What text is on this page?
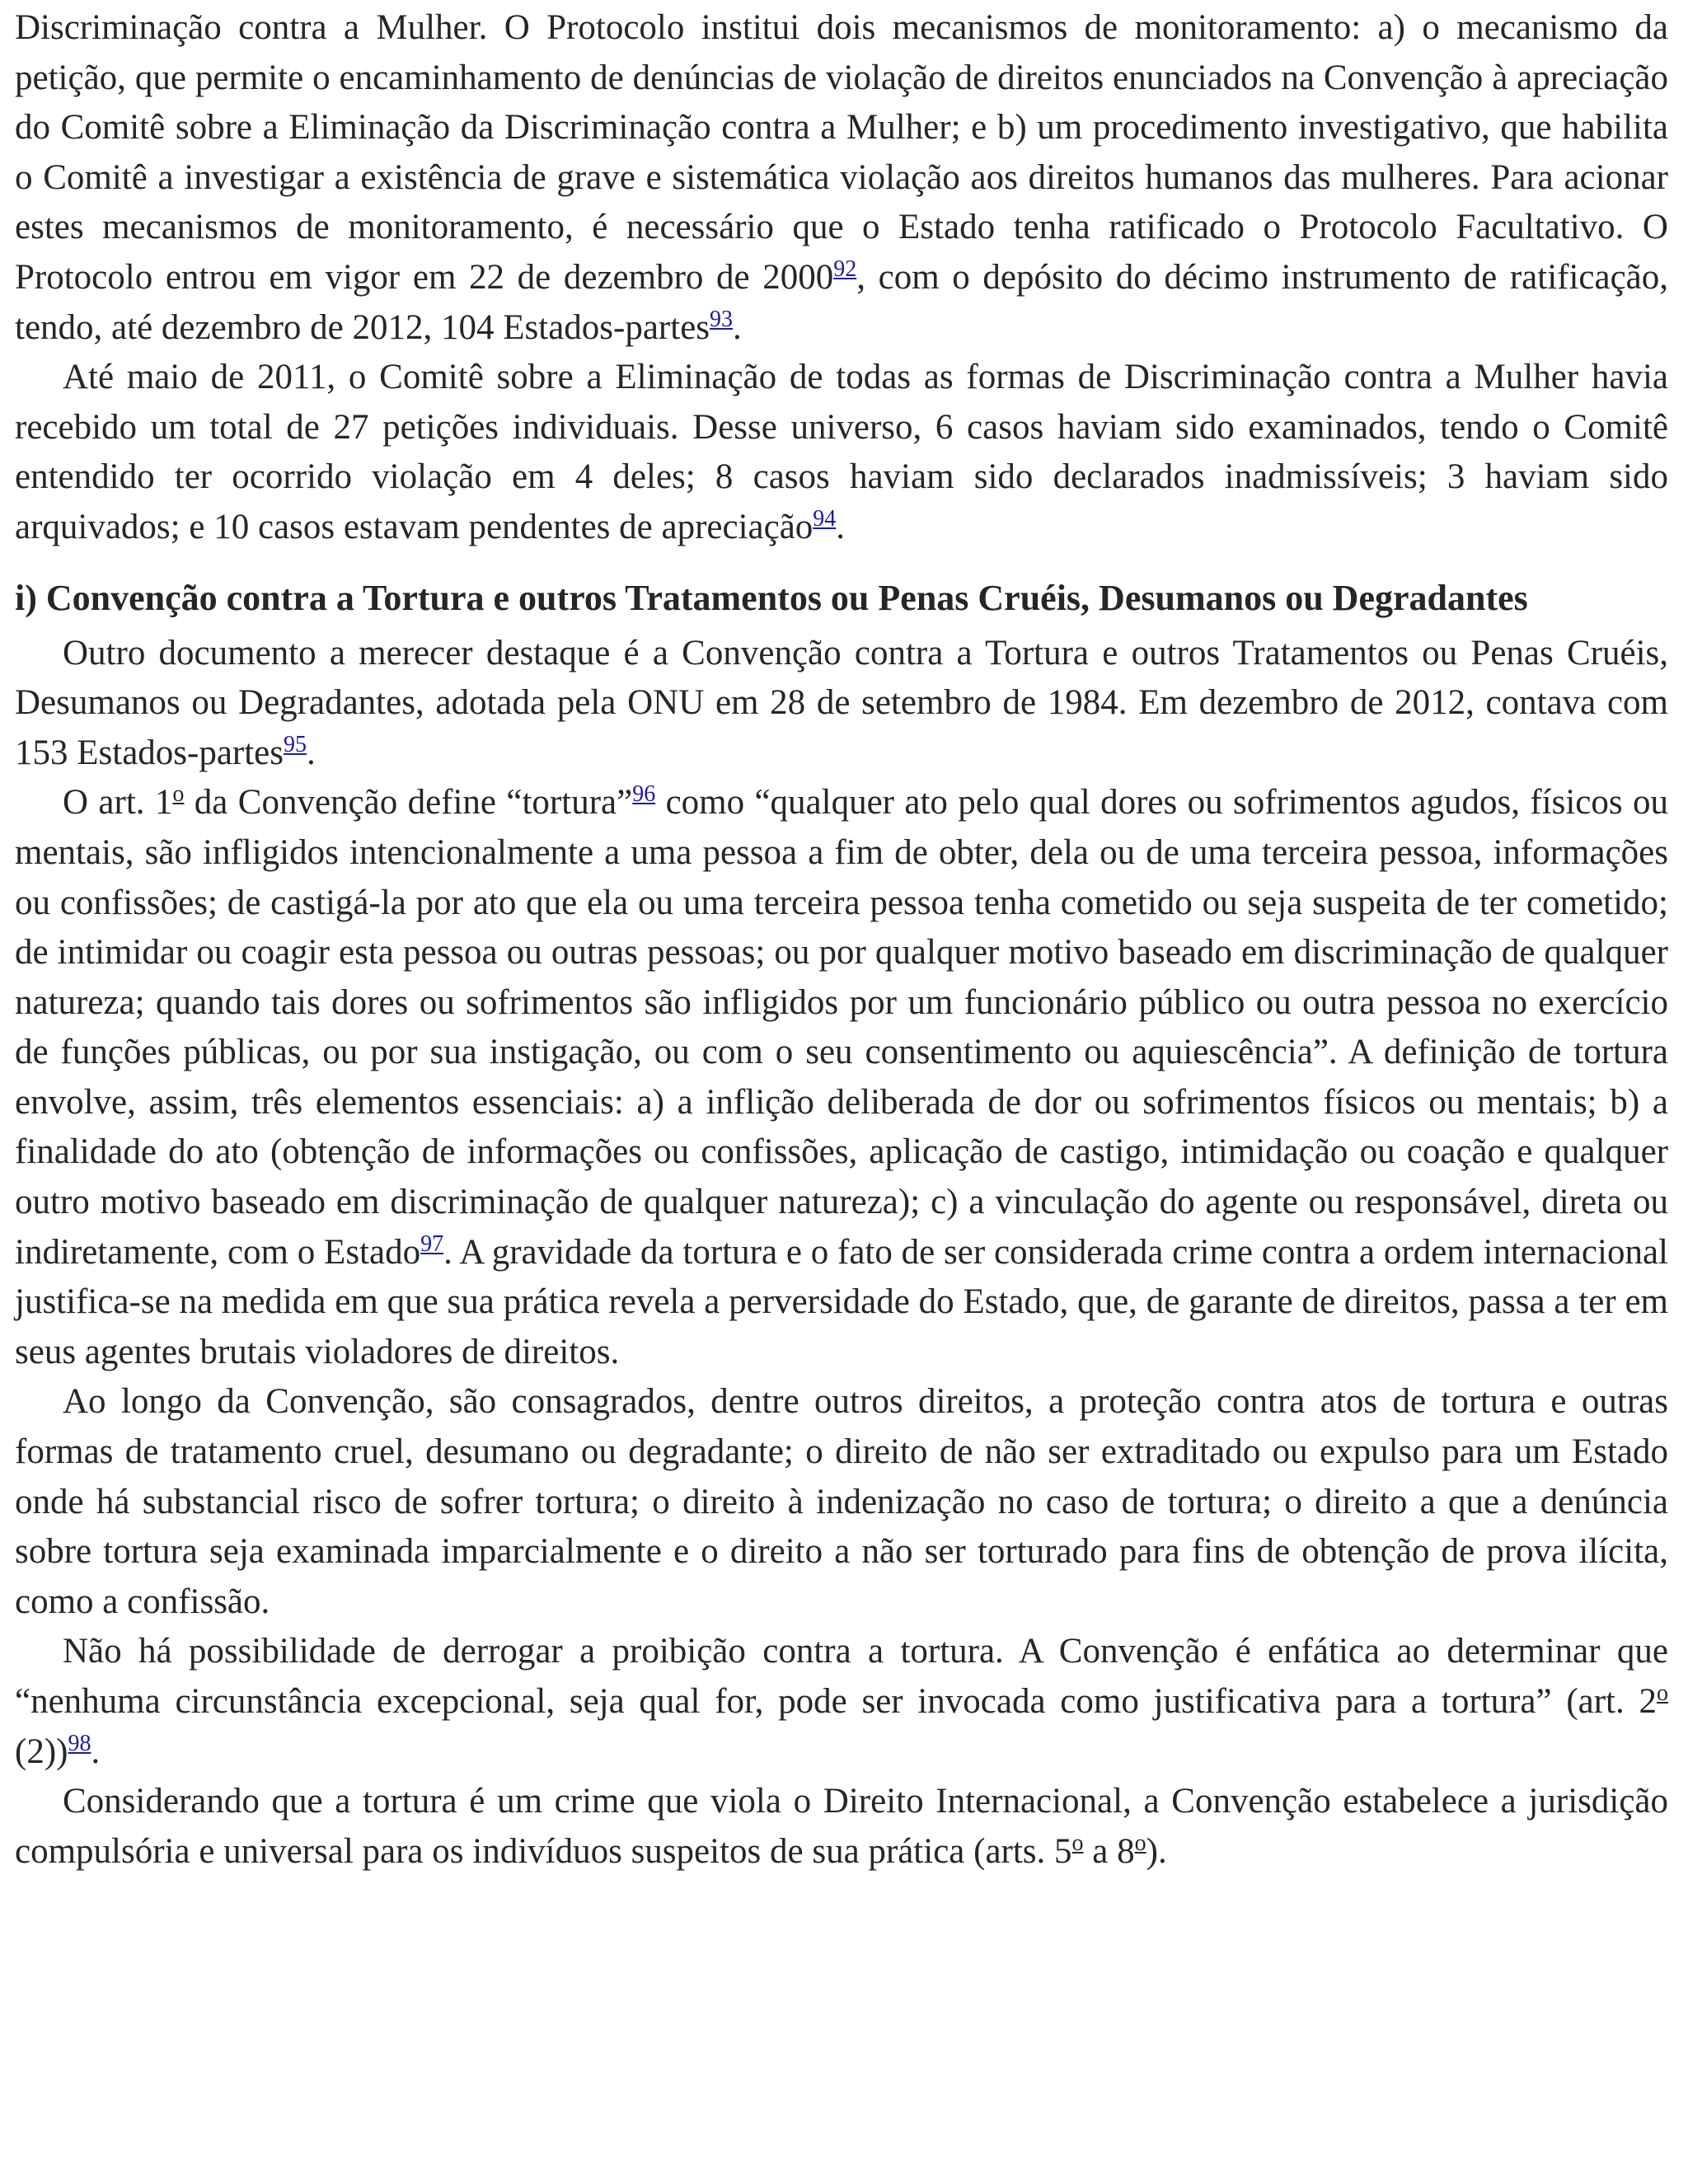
Discriminação contra a Mulher. O Protocolo institui dois mecanismos de monitoramento: a) o mecanismo da petição, que permite o encaminhamento de denúncias de violação de direitos enunciados na Convenção à apreciação do Comitê sobre a Eliminação da Discriminação contra a Mulher; e b) um procedimento investigativo, que habilita o Comitê a investigar a existência de grave e sistemática violação aos direitos humanos das mulheres. Para acionar estes mecanismos de monitoramento, é necessário que o Estado tenha ratificado o Protocolo Facultativo. O Protocolo entrou em vigor em 22 de dezembro de 2000$^{92}$, com o depósito do décimo instrumento de ratificação, tendo, até dezembro de 2012, 104 Estados-partes$^{93}$.

Até maio de 2011, o Comitê sobre a Eliminação de todas as formas de Discriminação contra a Mulher havia recebido um total de 27 petições individuais. Desse universo, 6 casos haviam sido examinados, tendo o Comitê entendido ter ocorrido violação em 4 deles; 8 casos haviam sido declarados inadmissíveis; 3 haviam sido arquivados; e 10 casos estavam pendentes de apreciação$^{94}$.

i) Convenção contra a Tortura e outros Tratamentos ou Penas Cruéis, Desumanos ou Degradantes

Outro documento a merecer destaque é a Convenção contra a Tortura e outros Tratamentos ou Penas Cruéis, Desumanos ou Degradantes, adotada pela ONU em 28 de setembro de 1984. Em dezembro de 2012, contava com 153 Estados-partes$^{95}$.

O art. 1$^o$ da Convenção define “tortura”$^{96}$ como “qualquer ato pelo qual dores ou sofrimentos agudos, físicos ou mentais, são infligidos intencionalmente a uma pessoa a fim de obter, dela ou de uma terceira pessoa, informações ou confissões; de castigá-la por ato que ela ou uma terceira pessoa tenha cometido ou seja suspeita de ter cometido; de intimidar ou coagir esta pessoa ou outras pessoas; ou por qualquer motivo baseado em discriminação de qualquer natureza; quando tais dores ou sofrimentos são infligidos por um funcionário público ou outra pessoa no exercício de funções públicas, ou por sua instigação, ou com o seu consentimento ou aquiescência”. A definição de tortura envolve, assim, três elementos essenciais: a) a inflição deliberada de dor ou sofrimentos físicos ou mentais; b) a finalidade do ato (obtenção de informações ou confissões, aplicação de castigo, intimidação ou coação e qualquer outro motivo baseado em discriminação de qualquer natureza); c) a vinculação do agente ou responsável, direta ou indiretamente, com o Estado$^{97}$. A gravidade da tortura e o fato de ser considerada crime contra a ordem internacional justifica-se na medida em que sua prática revela a perversidade do Estado, que, de garante de direitos, passa a ter em seus agentes brutais violadores de direitos.

Ao longo da Convenção, são consagrados, dentre outros direitos, a proteção contra atos de tortura e outras formas de tratamento cruel, desumano ou degradante; o direito de não ser extraditado ou expulso para um Estado onde há substancial risco de sofrer tortura; o direito à indenização no caso de tortura; o direito a que a denúncia sobre tortura seja examinada imparcialmente e o direito a não ser torturado para fins de obtenção de prova ilícita, como a confissão.

Não há possibilidade de derrogar a proibição contra a tortura. A Convenção é enfática ao determinar que “nenhuma circunstância excepcional, seja qual for, pode ser invocada como justificativa para a tortura” (art. 2$^o$ (2))$^{98}$.

Considerando que a tortura é um crime que viola o Direito Internacional, a Convenção estabelece a jurisdição compulsória e universal para os indivíduos suspeitos de sua prática (arts. 5$^o$ a 8$^o$).
